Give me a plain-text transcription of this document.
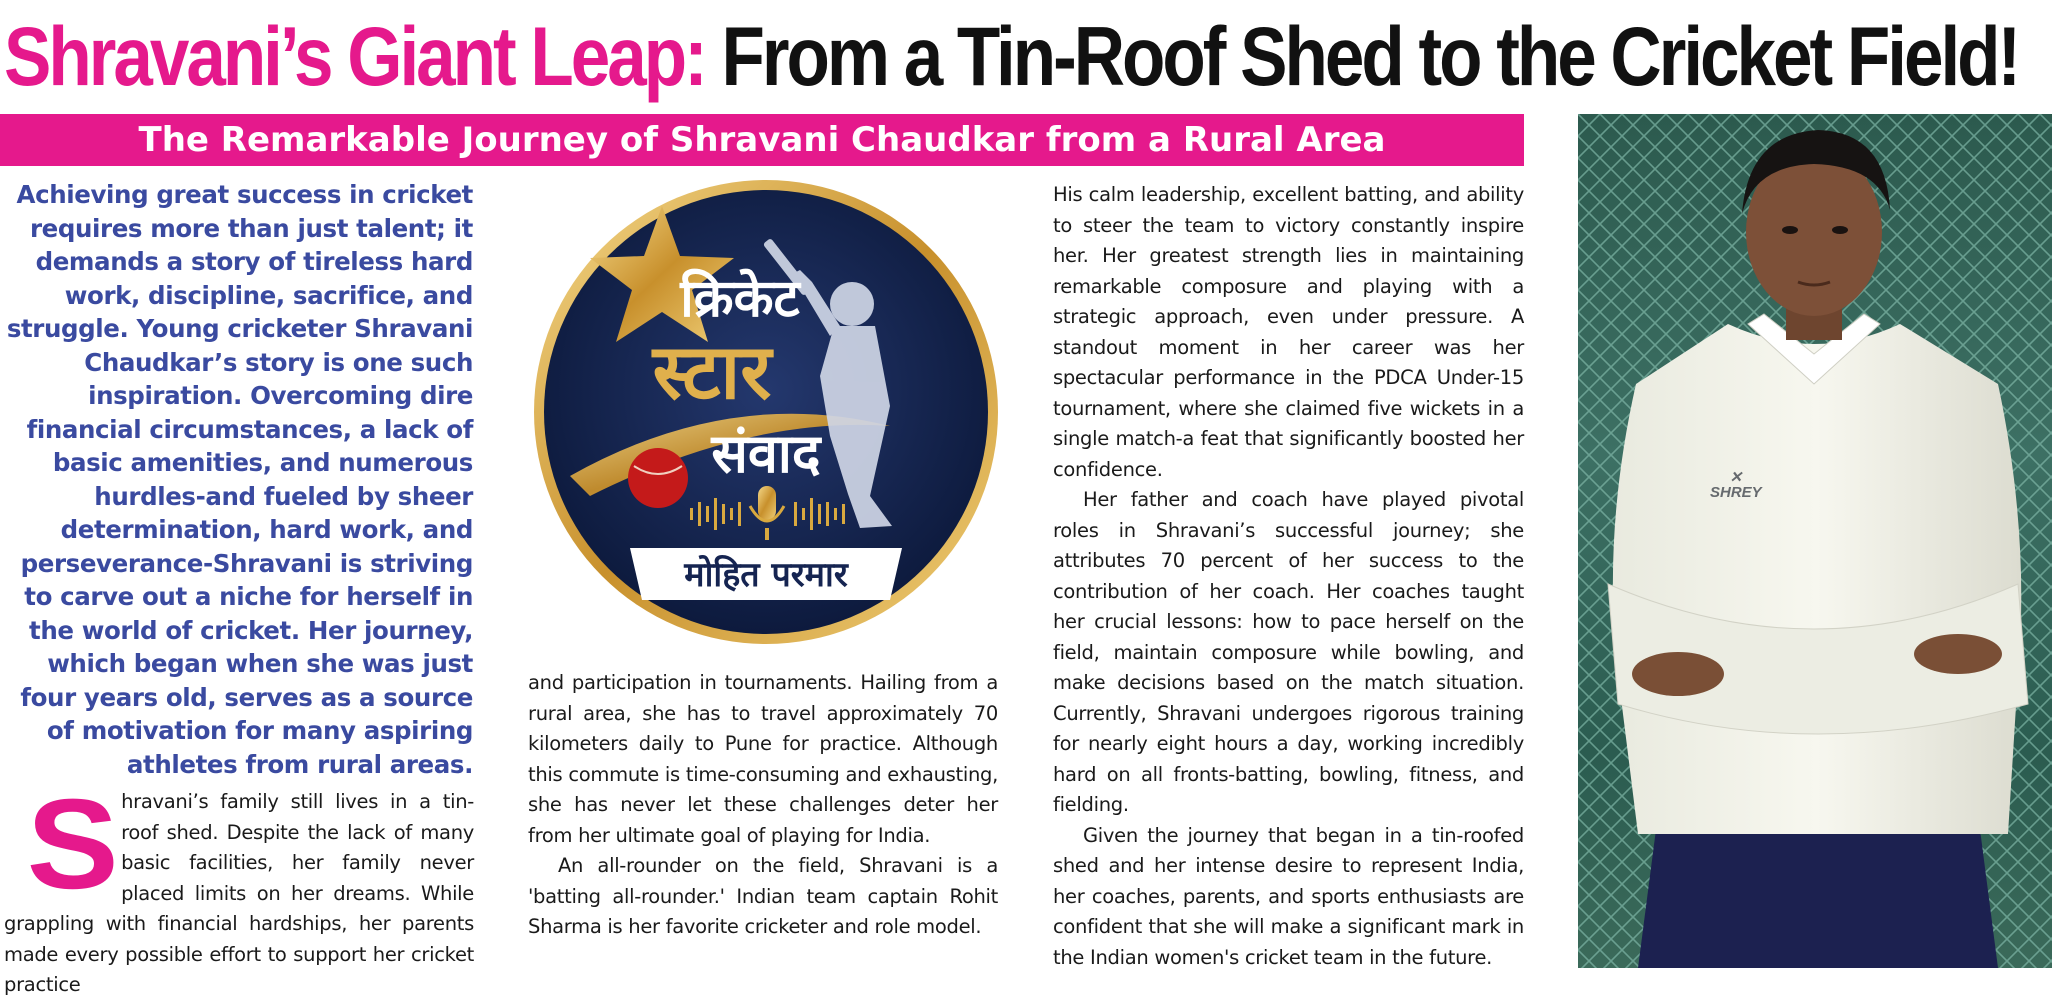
Shravani’s Giant Leap: From a Tin-Roof Shed to the Cricket Field!
The Remarkable Journey of Shravani Chaudkar from a Rural Area

Achieving great success in cricket requires more than just talent; it demands a story of tireless hard work, discipline, sacrifice, and struggle. Young cricketer Shravani Chaudkar’s story is one such inspiration. Overcoming dire financial circumstances, a lack of basic amenities, and numerous hurdles-and fueled by sheer determination, hard work, and perseverance-Shravani is striving to carve out a niche for herself in the world of cricket. Her journey, which began when she was just four years old, serves as a source of motivation for many aspiring athletes from rural areas.

S hravani’s family still lives in a tin-roof shed. Despite the lack of many basic facilities, her family never placed limits on her dreams. While grappling with financial hardships, her parents made every possible effort to support her cricket practice

क्रिकेट
स्टार
संवाद
मोहित परमार

and participation in tournaments. Hailing from a rural area, she has to travel approximately 70 kilometers daily to Pune for practice. Although this commute is time-consuming and exhausting, she has never let these challenges deter her from her ultimate goal of playing for India.

An all-rounder on the field, Shravani is a 'batting all-rounder.' Indian team captain Rohit Sharma is her favorite cricketer and role model.

His calm leadership, excellent batting, and ability to steer the team to victory constantly inspire her. Her greatest strength lies in maintaining remarkable composure and playing with a strategic approach, even under pressure. A standout moment in her career was her spectacular performance in the PDCA Under-15 tournament, where she claimed five wickets in a single match-a feat that significantly boosted her confidence.

Her father and coach have played pivotal roles in Shravani’s successful journey; she attributes 70 percent of her success to the contribution of her coach. Her coaches taught her crucial lessons: how to pace herself on the field, maintain composure while bowling, and make decisions based on the match situation. Currently, Shravani undergoes rigorous training for nearly eight hours a day, working incredibly hard on all fronts-batting, bowling, fitness, and fielding.

Given the journey that began in a tin-roofed shed and her intense desire to represent India, her coaches, parents, and sports enthusiasts are confident that she will make a significant mark in the Indian women's cricket team in the future.

✕
SHREY
